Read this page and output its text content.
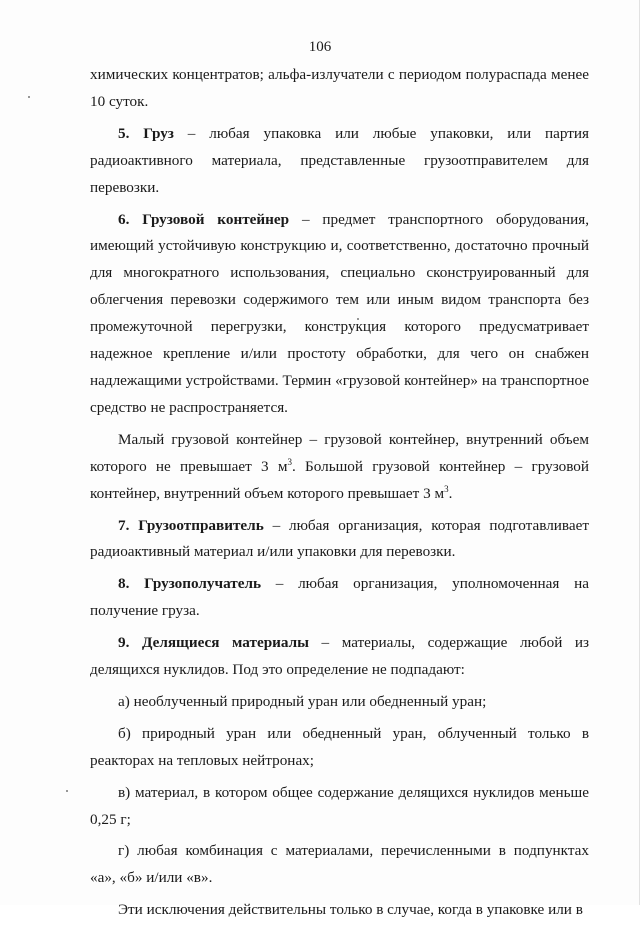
106

химических концентратов; альфа-излучатели с периодом полураспада менее 10 суток.

5. Груз – любая упаковка или любые упаковки, или партия радиоактивного материала, представленные грузоотправителем для перевозки.

6. Грузовой контейнер – предмет транспортного оборудования, имеющий устойчивую конструкцию и, соответственно, достаточно прочный для многократного использования, специально сконструированный для облегчения перевозки содержимого тем или иным видом транспорта без промежуточной перегрузки, конструкция которого предусматривает надежное крепление и/или простоту обработки, для чего он снабжен надлежащими устройствами. Термин «грузовой контейнер» на транспортное средство не распространяется.

Малый грузовой контейнер – грузовой контейнер, внутренний объем которого не превышает 3 $м^3$. Большой грузовой контейнер – грузовой контейнер, внутренний объем которого превышает 3 $м^3$.

7. Грузоотправитель – любая организация, которая подготавливает радиоактивный материал и/или упаковки для перевозки.

8. Грузополучатель – любая организация, уполномоченная на получение груза.

9. Делящиеся материалы – материалы, содержащие любой из делящихся нуклидов. Под это определение не подпадают:

а) необлученный природный уран или обедненный уран;

б) природный уран или обедненный уран, облученный только в реакторах на тепловых нейтронах;

в) материал, в котором общее содержание делящихся нуклидов меньше 0,25 г;

г) любая комбинация с материалами, перечисленными в подпунктах «а», «б» и/или «в».

Эти исключения действительны только в случае, когда в упаковке или в
